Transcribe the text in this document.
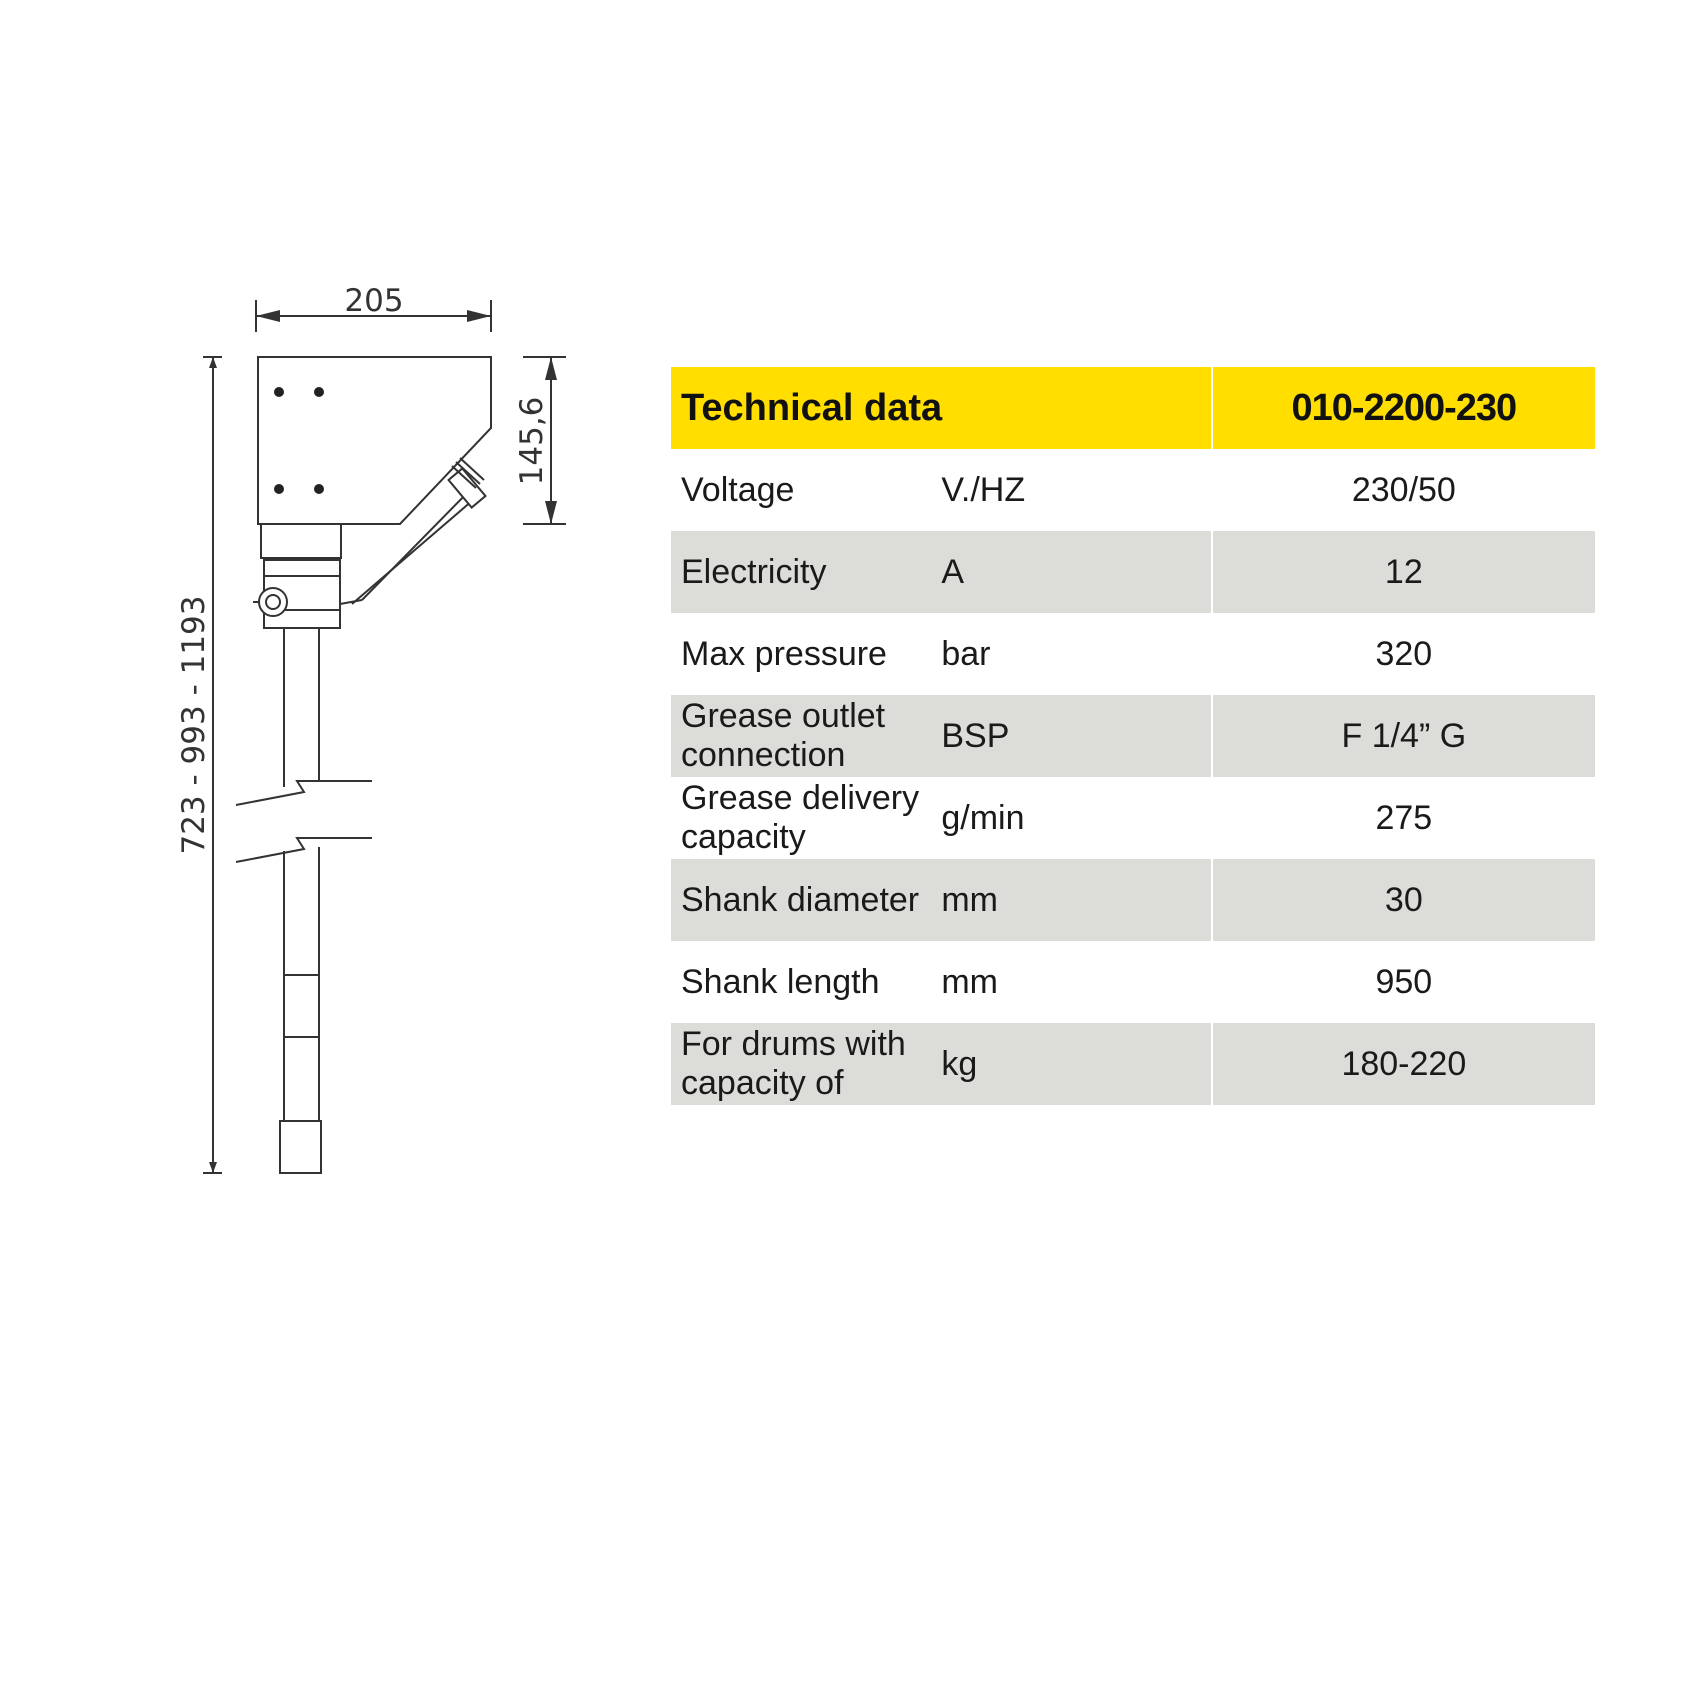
205
145,6
723 - 993 - 1193
Technical data		010-2200-230
Voltage	V./HZ	230/50
Electricity	A	12
Max pressure	bar	320
Grease outlet connection	BSP	F 1/4” G
Grease delivery capacity	g/min	275
Shank diameter	mm	30
Shank length	mm	950
For drums with capacity of	kg	180-220
